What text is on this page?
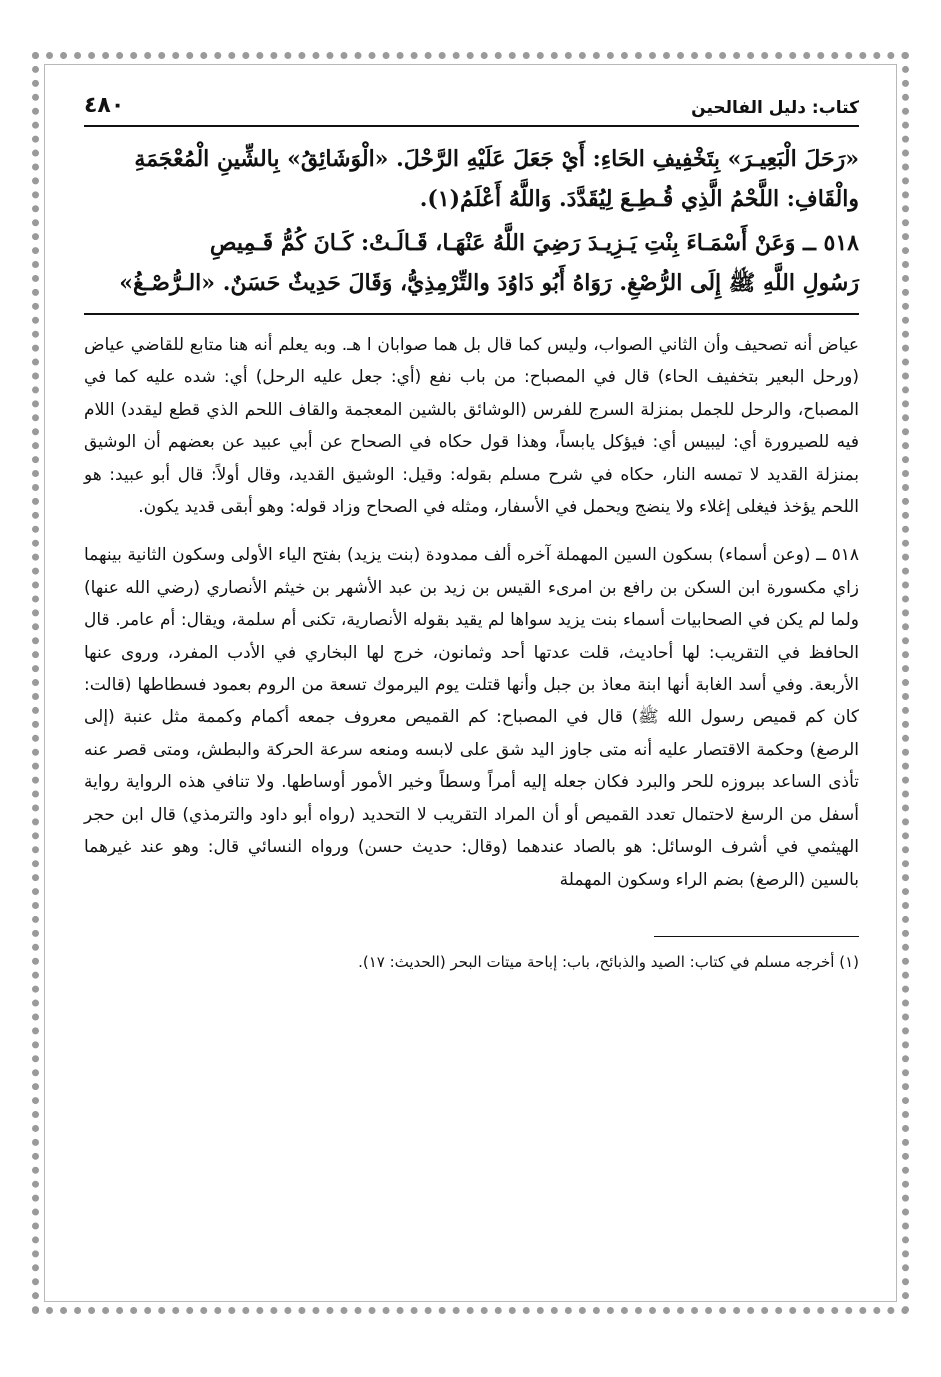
كتاب: دليل الفالحين
٤٨٠

«رَحَلَ الْبَعِيـرَ» بِتَخْفِيفِ الحَاءِ: أَيْ جَعَلَ عَلَيْهِ الرَّحْلَ. «الْوَشَائِقُ» بِالشِّينِ الْمُعْجَمَةِ

والْقَافِ: اللَّحْمُ الَّذِي قُـطِـعَ لِيُقَدَّدَ. وَاللَّهُ أَعْلَمُ(١).

٥١٨ ــ وَعَنْ أَسْمَـاءَ بِنْتِ يَـزِيـدَ رَضِيَ اللَّهُ عَنْهَـا، قَـالَـتْ: كَـانَ كُمُّ قَـمِيصِ

رَسُولِ اللَّهِ ﷺ إِلَى الرُّصْغِ. رَوَاهُ أَبُو دَاوُدَ والتِّرْمِذِيُّ، وَقَالَ حَدِيثٌ حَسَنٌ. «الـرُّصْـغُ»

عياض أنه تصحيف وأن الثاني الصواب، وليس كما قال بل هما صوابان ا هـ. وبه يعلم أنه هنا متابع للقاضي عياض (ورحل البعير بتخفيف الحاء) قال في المصباح: من باب نفع (أي: جعل عليه الرحل) أي: شده عليه كما في المصباح، والرحل للجمل بمنزلة السرج للفرس (الوشائق بالشين المعجمة والقاف اللحم الذي قطع ليقدد) اللام فيه للصيرورة أي: ليبيس أي: فيؤكل يابساً، وهذا قول حكاه في الصحاح عن أبي عبيد عن بعضهم أن الوشيق بمنزلة القديد لا تمسه النار، حكاه في شرح مسلم بقوله: وقيل: الوشيق القديد، وقال أولاً: قال أبو عبيد: هو اللحم يؤخذ فيغلى إغلاء ولا ينضج ويحمل في الأسفار، ومثله في الصحاح وزاد قوله: وهو أبقى قديد يكون.

٥١٨ ــ (وعن أسماء) بسكون السين المهملة آخره ألف ممدودة (بنت يزيد) بفتح الياء الأولى وسكون الثانية بينهما زاي مكسورة ابن السكن بن رافع بن امرىء القيس بن زيد بن عبد الأشهر بن خيثم الأنصاري (رضي الله عنها) ولما لم يكن في الصحابيات أسماء بنت يزيد سواها لم يقيد بقوله الأنصارية، تكنى أم سلمة، ويقال: أم عامر. قال الحافظ في التقريب: لها أحاديث، قلت عدتها أحد وثمانون، خرج لها البخاري في الأدب المفرد، وروى عنها الأربعة. وفي أسد الغابة أنها ابنة معاذ بن جبل وأنها قتلت يوم اليرموك تسعة من الروم بعمود فسطاطها (قالت: كان كم قميص رسول الله ﷺ) قال في المصباح: كم القميص معروف جمعه أكمام وكممة مثل عنبة (إلى الرصغ) وحكمة الاقتصار عليه أنه متى جاوز اليد شق على لابسه ومنعه سرعة الحركة والبطش، ومتى قصر عنه تأذى الساعد ببروزه للحر والبرد فكان جعله إليه أمراً وسطاً وخير الأمور أوساطها. ولا تنافي هذه الرواية رواية أسفل من الرسغ لاحتمال تعدد القميص أو أن المراد التقريب لا التحديد (رواه أبو داود والترمذي) قال ابن حجر الهيثمي في أشرف الوسائل: هو بالصاد عندهما (وقال: حديث حسن) ورواه النسائي قال: وهو عند غيرهما بالسين (الرصغ) بضم الراء وسكون المهملة

(١) أخرجه مسلم في كتاب: الصيد والذبائح، باب: إباحة ميتات البحر (الحديث: ١٧).
